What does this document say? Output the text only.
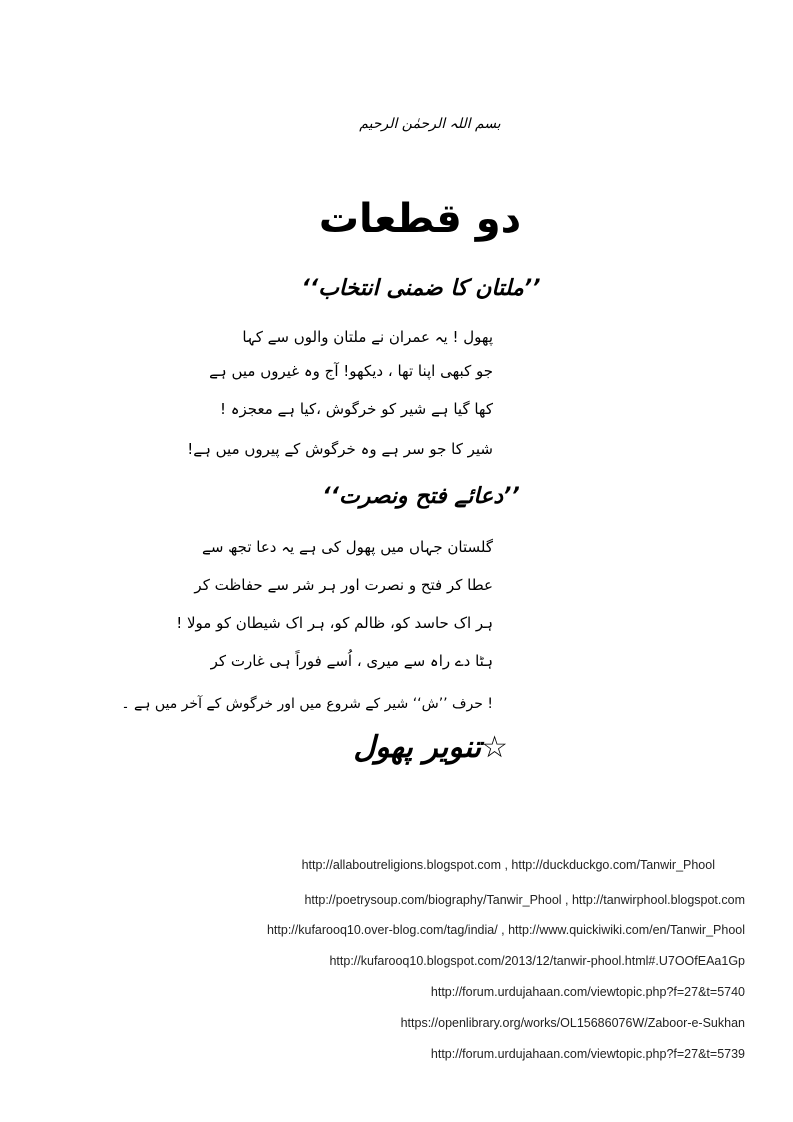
بسم اللہ الرحمٰن الرحیم
دو قطعات
’’ملتان کا ضمنی انتخاب‘‘
پھول ! یہ عمران نے ملتان والوں سے کہا
جو کبھی اپنا تھا ، دیکھو! آج وہ غیروں میں ہے
کھا گیا ہے شیر کو خرگوش ،کیا ہے معجزہ !
شیر کا جو سر ہے وہ خرگوش کے پیروں میں ہے!
’’دعائے فتح ونصرت‘‘
گلستان جہاں میں پھول کی ہے یہ دعا تجھ سے
عطا کر فتح و نصرت اور ہر شر سے حفاظت کر
ہر اک حاسد کو، ظالم کو، ہر اک شیطان کو مولا !
ہٹا دے راہ سے میری ، اُسے فوراً ہی غارت کر
! حرف ’’ش‘‘ شیر کے شروع میں اور خرگوش کے آخر میں ہے ۔
☆تنویر پھول
http://allaboutreligions.blogspot.com , http://duckduckgo.com/Tanwir_Phool
http://poetrysoup.com/biography/Tanwir_Phool , http://tanwirphool.blogspot.com
http://kufarooq10.over-blog.com/tag/india/ , http://www.quickiwiki.com/en/Tanwir_Phool
http://kufarooq10.blogspot.com/2013/12/tanwir-phool.html#.U7OOfEAa1Gp
http://forum.urdujahaan.com/viewtopic.php?f=27&t=5740
https://openlibrary.org/works/OL15686076W/Zaboor-e-Sukhan
http://forum.urdujahaan.com/viewtopic.php?f=27&t=5739
